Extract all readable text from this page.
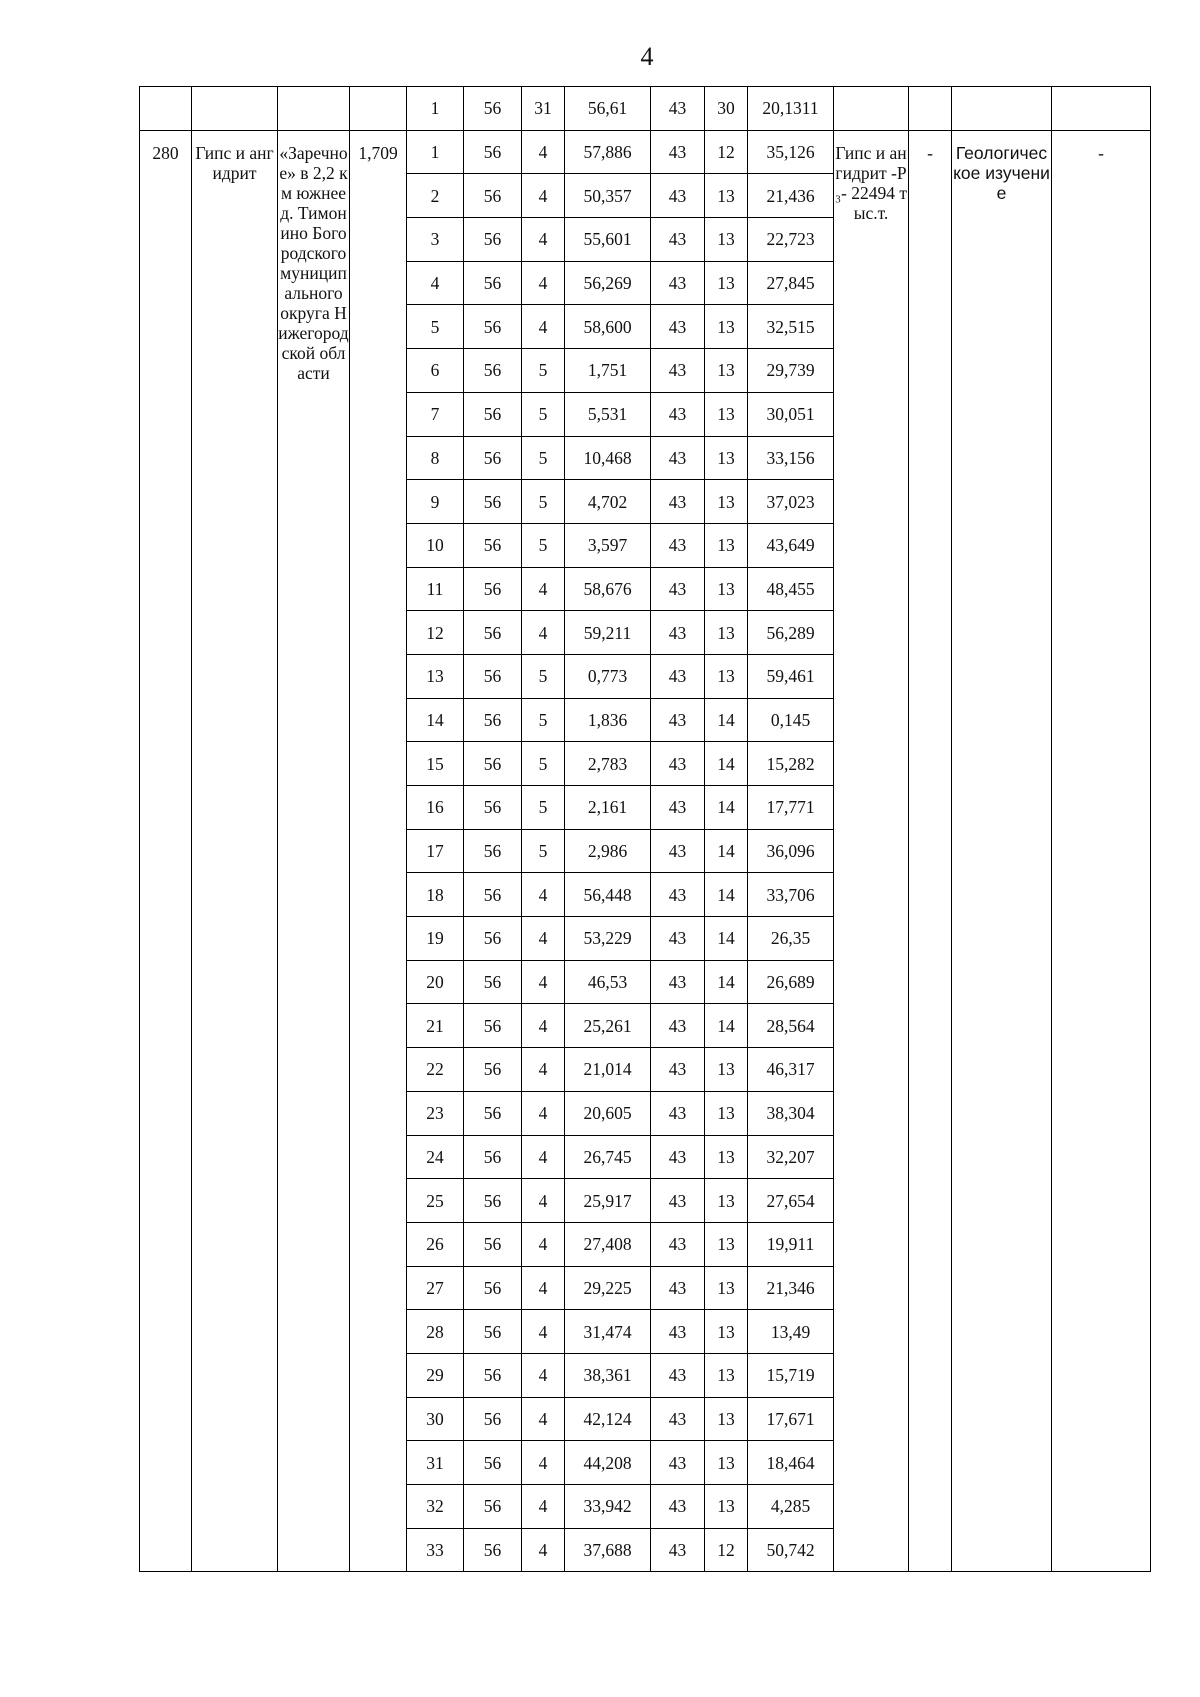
4
				1	56	31	56,61	43	30	20,1311				

280	Гипс и ангидрит	«Заречное» в 2,2 км южнее д. Тимонино Богородского муниципального округа Нижегородской области	1,709	1	56	4	57,886	43	12	35,126	Гипс и ангидрит -P₃- 22494 тыс.т.	-	Геологическое изучение	-

				2	56	4	50,357	43	13	21,436				
				3	56	4	55,601	43	13	22,723				
				4	56	4	56,269	43	13	27,845				
				5	56	4	58,600	43	13	32,515				
				6	56	5	1,751	43	13	29,739				
				7	56	5	5,531	43	13	30,051				
				8	56	5	10,468	43	13	33,156				
				9	56	5	4,702	43	13	37,023				
				10	56	5	3,597	43	13	43,649				
				11	56	4	58,676	43	13	48,455				
				12	56	4	59,211	43	13	56,289				
				13	56	5	0,773	43	13	59,461				
				14	56	5	1,836	43	14	0,145				
				15	56	5	2,783	43	14	15,282				
				16	56	5	2,161	43	14	17,771				
				17	56	5	2,986	43	14	36,096				
				18	56	4	56,448	43	14	33,706				
				19	56	4	53,229	43	14	26,35				
				20	56	4	46,53	43	14	26,689				
				21	56	4	25,261	43	14	28,564				
				22	56	4	21,014	43	13	46,317				
				23	56	4	20,605	43	13	38,304				
				24	56	4	26,745	43	13	32,207				
				25	56	4	25,917	43	13	27,654				
				26	56	4	27,408	43	13	19,911				
				27	56	4	29,225	43	13	21,346				
				28	56	4	31,474	43	13	13,49				
				29	56	4	38,361	43	13	15,719				
				30	56	4	42,124	43	13	17,671				
				31	56	4	44,208	43	13	18,464				
				32	56	4	33,942	43	13	4,285				
				33	56	4	37,688	43	12	50,742				
